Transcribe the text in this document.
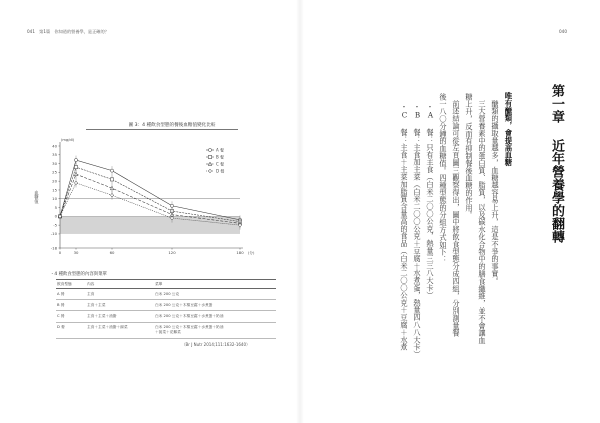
041　第1篇　你知道的營養學，是正確的？
圖 3：4 種飲食型態的餐後血糖值變化比較
-18
-10
-5
0
5
10
15
20
25
30
35
40
0	30	60	120	180
(mg/dl)
(分)
血糖值
A 餐
B 餐
C 餐
D 餐
・4 種飲食型態的內容與菜單
飲食型態	內容	菜單
A 餐	主食	白米 200 公克
B 餐	主食＋主菜	白米 200 公克＋木棉豆腐＋水煮蛋
C 餐	主食＋主菜＋油脂	白米 200 公克＋木棉豆腐＋水煮蛋＋奶油
D 餐	主食＋主菜＋油脂＋副菜	白米 200 公克＋木棉豆腐＋水煮蛋＋奶油
＋菠菜＋花椰菜
（Br J Nutr 2014;111:1632-1640）
040
第一章近年營養學的翻轉
唯有醣類，會提高血糖
醣類的攝取量越多，血糖越容易上升，這是不爭的事實。
三大營養素中的蛋白質、脂質，以及碳水化合物中的膳食纖維，並不會讓血
糖上升，反而有抑制餐後血糖的作用。
前述結論可從左頁圖三觀察得出，圖中將飲食型態分成四組，分別測量餐
後一八〇分鐘的血糖值。四種型態的分組方式如下：
・A 餐：只有主食（白米二〇〇公克，熱量三三八大卡）
・B 餐：主食加主菜（白米二〇〇公克＋豆腐＋水煮蛋，熱量四八八大卡）
・C 餐：主食＋主菜加脂質含量高的食品（白米二〇〇公克＋豆腐＋水煮
